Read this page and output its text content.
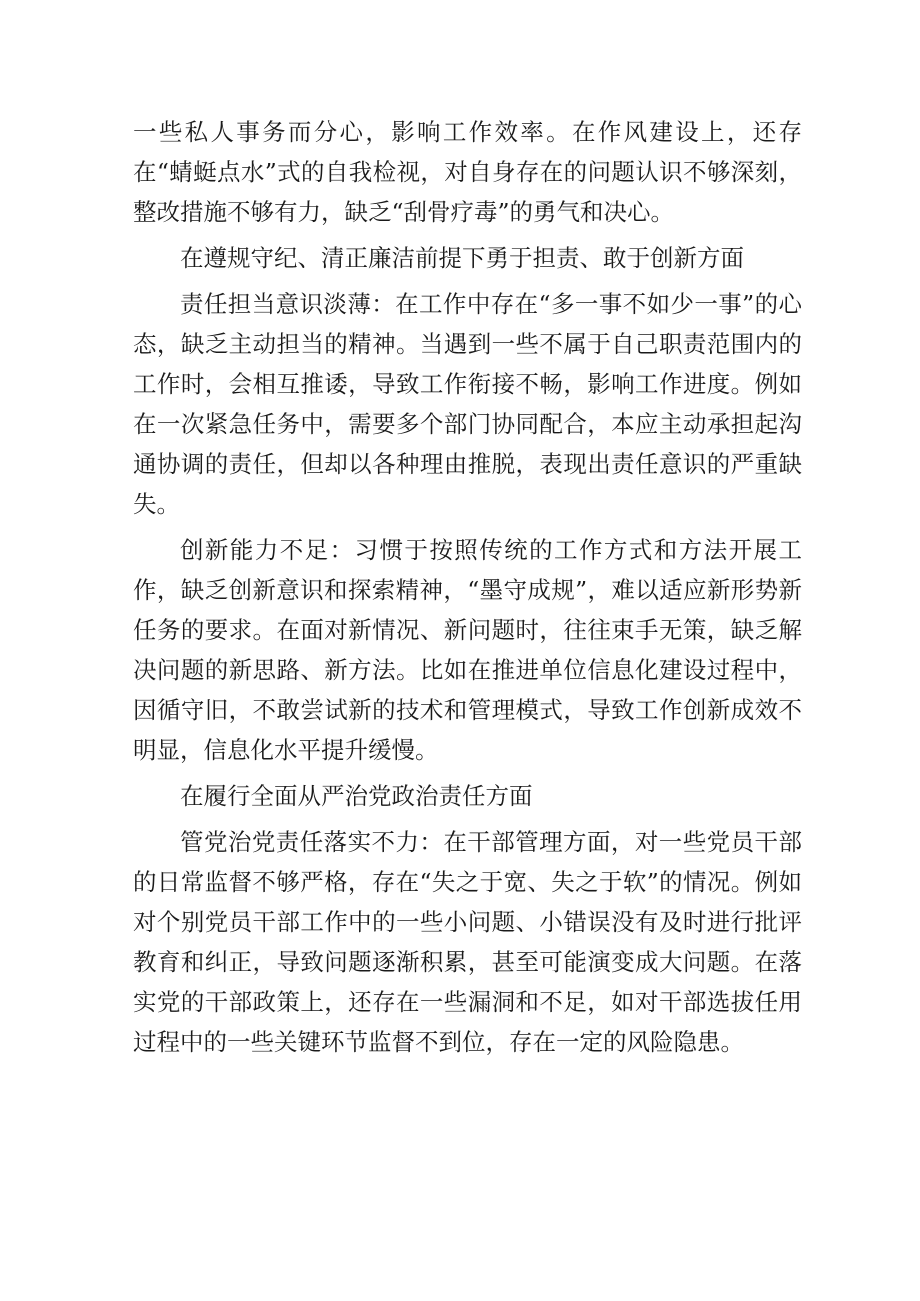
一些私人事务而分心，影响工作效率。在作风建设上，还存在“蜻蜓点水”式的自我检视，对自身存在的问题认识不够深刻，整改措施不够有力，缺乏“刮骨疗毒”的勇气和决心。

在遵规守纪、清正廉洁前提下勇于担责、敢于创新方面

责任担当意识淡薄：在工作中存在“多一事不如少一事”的心态，缺乏主动担当的精神。当遇到一些不属于自己职责范围内的工作时，会相互推诿，导致工作衔接不畅，影响工作进度。例如在一次紧急任务中，需要多个部门协同配合，本应主动承担起沟通协调的责任，但却以各种理由推脱，表现出责任意识的严重缺失。

创新能力不足：习惯于按照传统的工作方式和方法开展工作，缺乏创新意识和探索精神，“墨守成规”，难以适应新形势新任务的要求。在面对新情况、新问题时，往往束手无策，缺乏解决问题的新思路、新方法。比如在推进单位信息化建设过程中，因循守旧，不敢尝试新的技术和管理模式，导致工作创新成效不明显，信息化水平提升缓慢。

在履行全面从严治党政治责任方面

管党治党责任落实不力：在干部管理方面，对一些党员干部的日常监督不够严格，存在“失之于宽、失之于软”的情况。例如对个别党员干部工作中的一些小问题、小错误没有及时进行批评教育和纠正，导致问题逐渐积累，甚至可能演变成大问题。在落实党的干部政策上，还存在一些漏洞和不足，如对干部选拔任用过程中的一些关键环节监督不到位，存在一定的风险隐患。
